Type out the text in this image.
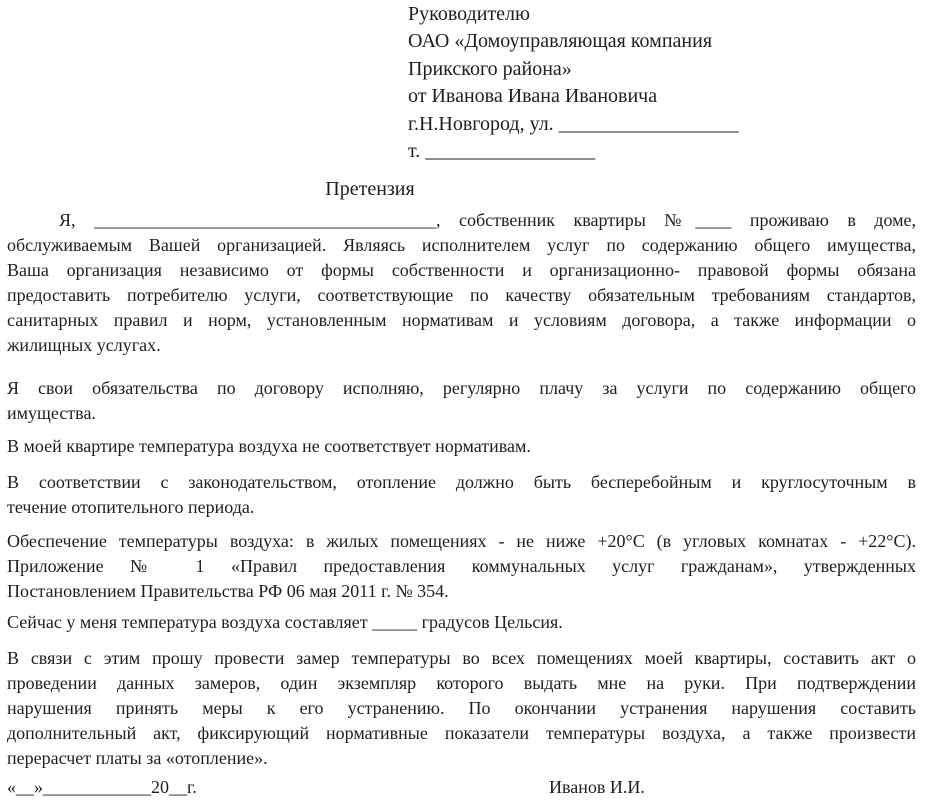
Руководителю
ОАО «Домоуправляющая компания
Прикского района»
от Иванова Ивана Ивановича
г.Н.Новгород, ул. __________________
т. _________________
Претензия
Я, ______________________________________, собственник квартиры №____ проживаю в доме,
обслуживаемым Вашей организацией. Являясь исполнителем услуг по содержанию общего имущества,
Ваша организация независимо от формы собственности и организационно- правовой формы обязана
предоставить потребителю услуги, соответствующие по качеству обязательным требованиям стандартов,
санитарных правил и норм, установленным нормативам и условиям договора, а также информации о
жилищных услугах.
Я свои обязательства по договору исполняю, регулярно плачу за услуги по содержанию общего
имущества.
В моей квартире температура воздуха не соответствует нормативам.
В соответствии с законодательством, отопление должно быть бесперебойным и круглосуточным в
течение отопительного периода.
Обеспечение температуры воздуха: в жилых помещениях - не ниже +20°С (в угловых комнатах - +22°С).
Приложение № 1 «Правил предоставления коммунальных услуг гражданам», утвержденных
Постановлением Правительства РФ 06 мая 2011 г. № 354.
Сейчас у меня температура воздуха составляет _____ градусов Цельсия.
В связи с этим прошу провести замер температуры во всех помещениях моей квартиры, составить акт о
проведении данных замеров, один экземпляр которого выдать мне на руки. При подтверждении
нарушения принять меры к его устранению. По окончании устранения нарушения составить
дополнительный акт, фиксирующий нормативные показатели температуры воздуха, а также произвести
перерасчет платы за «отопление».
«__»____________20__г.	Иванов И.И.
